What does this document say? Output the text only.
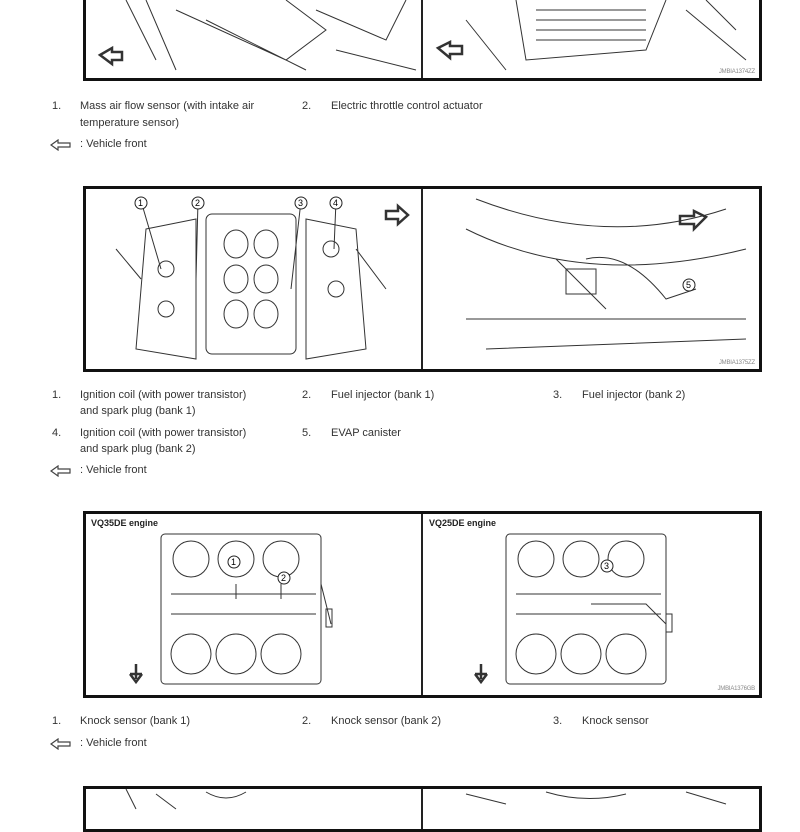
JMBIA1374ZZ
1. Mass air flow sensor (with intake air
temperature sensor)
2. Electric throttle control actuator
: Vehicle front
1	2	3	4
5
JMBIA1375ZZ
1. Ignition coil (with power transistor)
and spark plug (bank 1)
2. Fuel injector (bank 1)	3. Fuel injector (bank 2)
4. Ignition coil (with power transistor)
and spark plug (bank 2)
5. EVAP canister
: Vehicle front
VQ35DE engine	VQ25DE engine
1
2
3
JMBIA1376GB
1. Knock sensor (bank 1)	2. Knock sensor (bank 2)	3. Knock sensor
: Vehicle front
